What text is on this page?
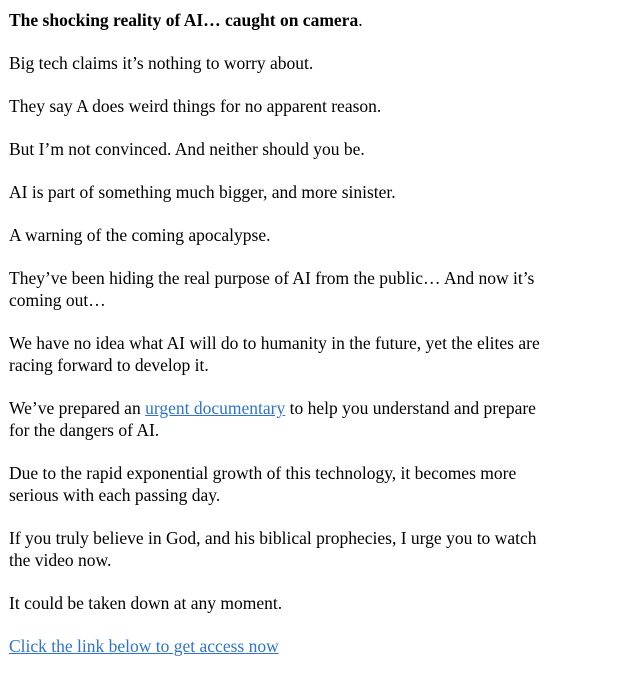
The shocking reality of AI… caught on camera.

Big tech claims it’s nothing to worry about.

They say A does weird things for no apparent reason.

But I’m not convinced. And neither should you be.

AI is part of something much bigger, and more sinister.

A warning of the coming apocalypse.

They’ve been hiding the real purpose of AI from the public… And now it’s
coming out…

We have no idea what AI will do to humanity in the future, yet the elites are
racing forward to develop it.

We’ve prepared an urgent documentary to help you understand and prepare
for the dangers of AI.

Due to the rapid exponential growth of this technology, it becomes more
serious with each passing day.

If you truly believe in God, and his biblical prophecies, I urge you to watch
the video now.

It could be taken down at any moment.

Click the link below to get access now
